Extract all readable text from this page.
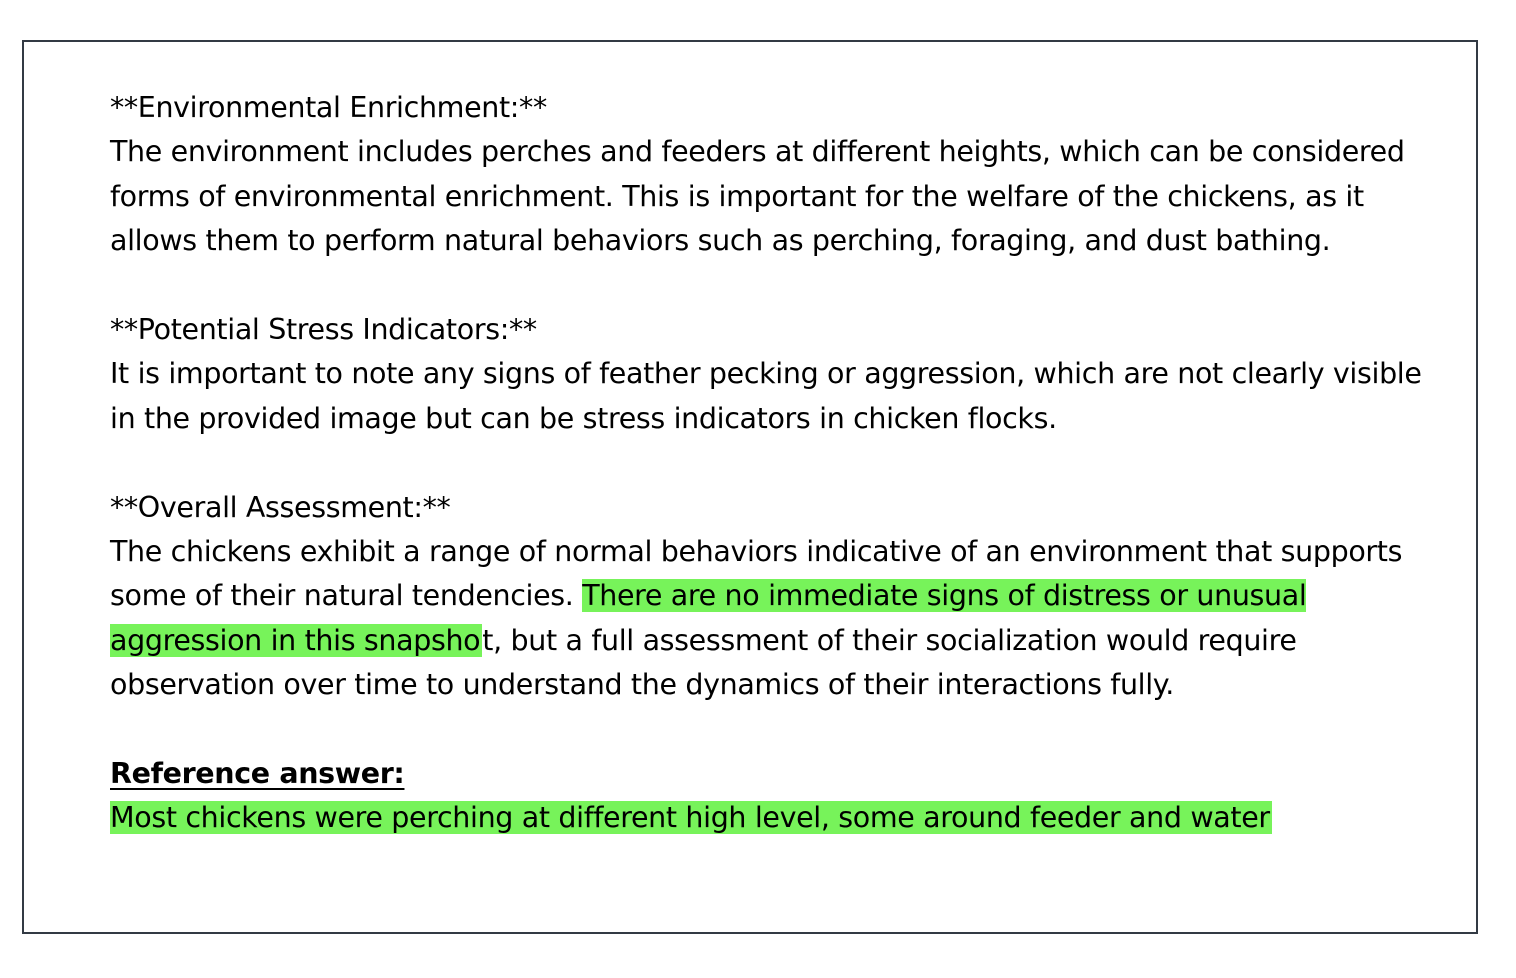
**Environmental Enrichment:**

The environment includes perches and feeders at different heights, which can be considered forms of environmental enrichment. This is important for the welfare of the chickens, as it allows them to perform natural behaviors such as perching, foraging, and dust bathing.

**Potential Stress Indicators:**

It is important to note any signs of feather pecking or aggression, which are not clearly visible in the provided image but can be stress indicators in chicken flocks.

**Overall Assessment:**

The chickens exhibit a range of normal behaviors indicative of an environment that supports some of their natural tendencies. There are no immediate signs of distress or unusual aggression in this snapshot, but a full assessment of their socialization would require observation over time to understand the dynamics of their interactions fully.

Reference answer:

Most chickens were perching at different high level, some around feeder and water
